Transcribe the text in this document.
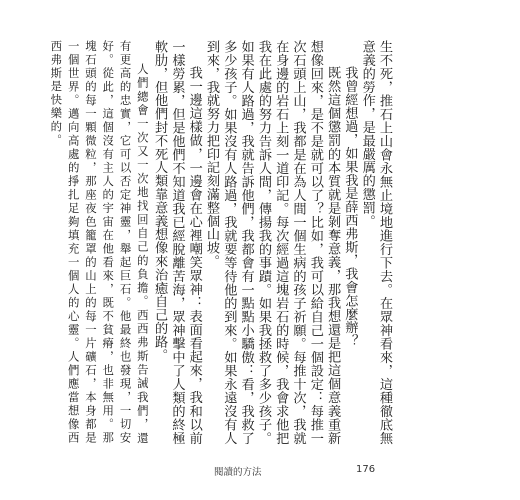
生不死，推石上山會永無止境地進行下去。在眾神看來，這種徹底無意義的勞作，是最嚴厲的懲罰。

我曾經想過，如果我是薛西弗斯，我會怎麼辦？

既然這個懲罰的本質就是剝奪意義，那我想還是把這個意義重新想像回來，是不是就可以了？比如，我可以給自己一個設定：每推一次石頭上山，我都是在為人間一個生病的孩子祈願。每推十次，我就在身邊的岩石上刻一道印記。每次經過這塊岩石的時候，我會求他把我在此處的努力告訴人間，傳揚我的事蹟。如果我拯救了多少孩子。如果有人路過，我就告訴他們，我都會有一點點小驕傲：看，我救了多少孩子。如果沒有人路過，我就要等待他的到來。如果永遠沒有人到來，我就努力把印記刻滿整個山坡。

我一邊這樣做，一邊會在心裡嘲笑眾神：表面看起來，我和以前一樣勞累，但是他們不知道我已經脫離苦海，眾神擊中了人類的終極軟肋，但他們封不死人類靠意義想像來治癒自己的路。

人們總會一次又一次地找回自己的負擔。西西弗斯告誡我們，還有更高的忠實，它可以否定神靈，舉起巨石。他最終也發現，一切安好。從此，這個沒有主人的宇宙在他看來，既不貧瘠，也非無用。那塊石頭的每一顆微粒，那座夜色籠罩的山上的每一片礦石，本身都是一個世界。邁向高處的掙扎足夠填充一個人的心靈。人們應當想像西西弗斯是快樂的。

閱讀的方法	176
